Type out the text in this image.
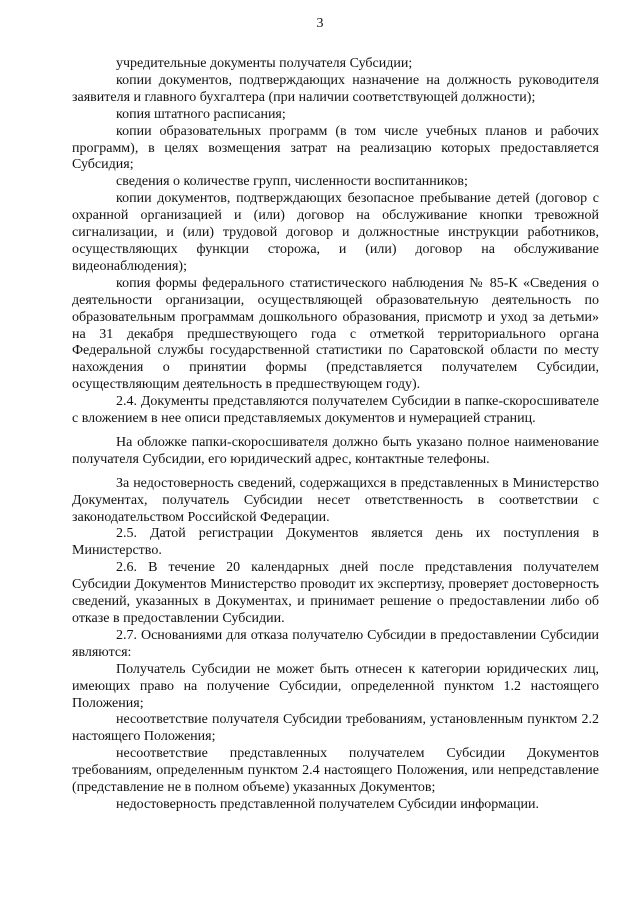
3

учредительные документы получателя Субсидии;

копии документов, подтверждающих назначение на должность руководителя заявителя и главного бухгалтера (при наличии соответствующей должности);

копия штатного расписания;

копии образовательных программ (в том числе учебных планов и рабочих программ), в целях возмещения затрат на реализацию которых предоставляется Субсидия;

сведения о количестве групп, численности воспитанников;

копии документов, подтверждающих безопасное пребывание детей (договор с охранной организацией и (или) договор на обслуживание кнопки тревожной сигнализации, и (или) трудовой договор и должностные инструкции работников, осуществляющих функции сторожа, и (или) договор на обслуживание видеонаблюдения);

копия формы федерального статистического наблюдения № 85-К «Сведения о деятельности организации, осуществляющей образовательную деятельность по образовательным программам дошкольного образования, присмотр и уход за детьми» на 31 декабря предшествующего года с отметкой территориального органа Федеральной службы государственной статистики по Саратовской области по месту нахождения о принятии формы (представляется получателем Субсидии, осуществляющим деятельность в предшествующем году).

2.4. Документы представляются получателем Субсидии в папке-скоросшивателе с вложением в нее описи представляемых документов и нумерацией страниц.

На обложке папки-скоросшивателя должно быть указано полное наименование получателя Субсидии, его юридический адрес, контактные телефоны.

За недостоверность сведений, содержащихся в представленных в Министерство Документах, получатель Субсидии несет ответственность в соответствии с законодательством Российской Федерации.

2.5. Датой регистрации Документов является день их поступления в Министерство.

2.6. В течение 20 календарных дней после представления получателем Субсидии Документов Министерство проводит их экспертизу, проверяет достоверность сведений, указанных в Документах, и принимает решение о предоставлении либо об отказе в предоставлении Субсидии.

2.7. Основаниями для отказа получателю Субсидии в предоставлении Субсидии являются:

Получатель Субсидии не может быть отнесен к категории юридических лиц, имеющих право на получение Субсидии, определенной пунктом 1.2 настоящего Положения;

несоответствие получателя Субсидии требованиям, установленным пунктом 2.2 настоящего Положения;

несоответствие представленных получателем Субсидии Документов требованиям, определенным пунктом 2.4 настоящего Положения, или непредставление (представление не в полном объеме) указанных Документов;

недостоверность представленной получателем Субсидии информации.
